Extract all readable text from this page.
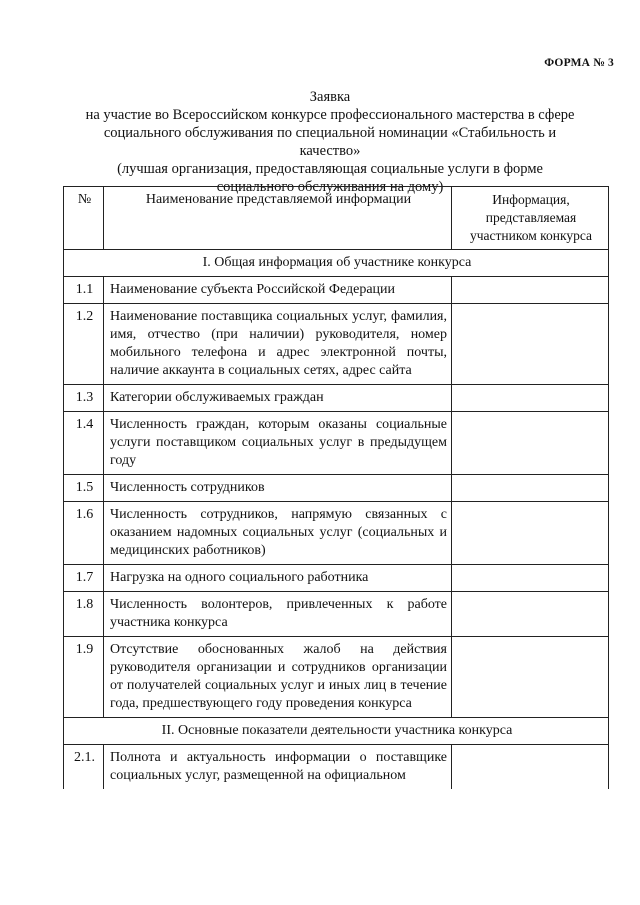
ФОРМА № 3
Заявка
на участие во Всероссийском конкурсе профессионального мастерства в сфере
социального обслуживания по специальной номинации «Стабильность и качество»
(лучшая организация, предоставляющая социальные услуги в форме
социального обслуживания на дому)
№	Наименование представляемой информации	Информация, представляемая участником конкурса
I. Общая информация об участнике конкурса		
1.1	Наименование субъекта Российской Федерации	
1.2	Наименование поставщика социальных услуг, фамилия, имя, отчество (при наличии) руководителя, номер мобильного телефона и адрес электронной почты, наличие аккаунта в социальных сетях, адрес сайта	
1.3	Категории обслуживаемых граждан	
1.4	Численность граждан, которым оказаны социальные услуги поставщиком социальных услуг в предыдущем году	
1.5	Численность сотрудников	
1.6	Численность сотрудников, напрямую связанных с оказанием надомных социальных услуг (социальных и медицинских работников)	
1.7	Нагрузка на одного социального работника	
1.8	Численность волонтеров, привлеченных к работе участника конкурса	
1.9	Отсутствие обоснованных жалоб на действия руководителя организации и сотрудников организации от получателей социальных услуг и иных лиц в течение года, предшествующего году проведения конкурса	
II. Основные показатели деятельности участника конкурса		
2.1.	Полнота и актуальность информации о поставщике социальных услуг, размещенной на официальном	
